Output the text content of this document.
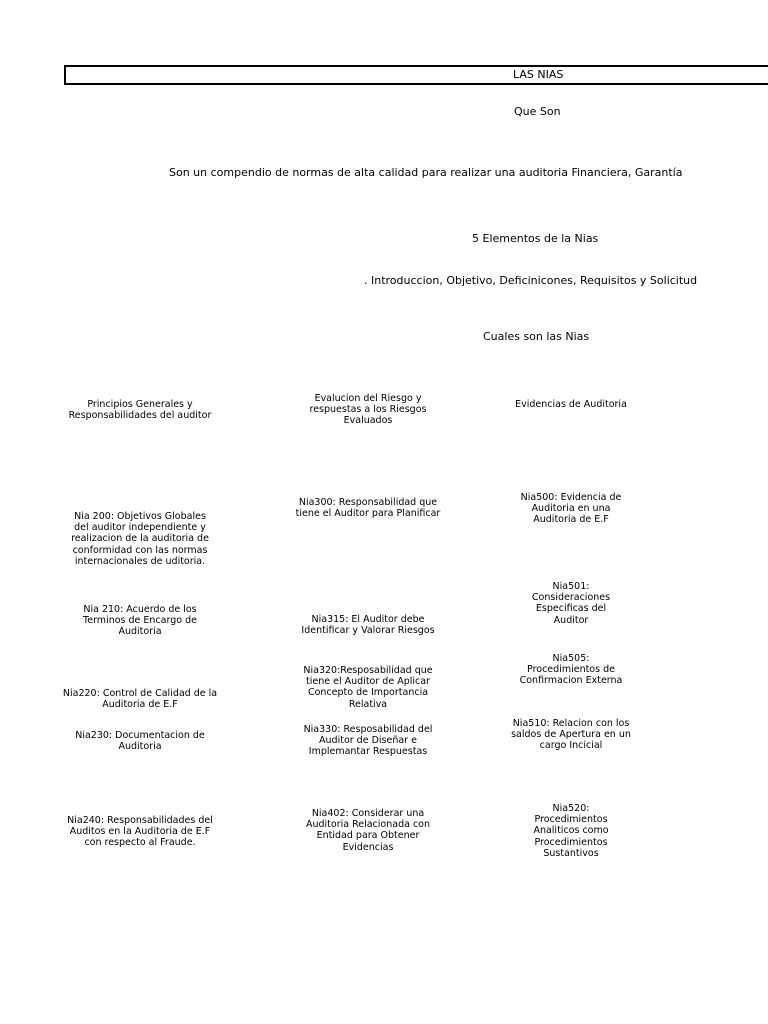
LAS NIAS
Que Son
Son un compendio de normas de alta calidad para realizar una auditoria Financiera, Garantía
5 Elementos de la Nias
. Introduccion, Objetivo, Deficinicones, Requisitos y Solicitud
Cuales son las Nias
Principios Generales y Responsabilidades del auditor
Nia 200: Objetivos Globales del auditor independiente y realizacion de la auditoria de conformidad con las normas internacionales de uditoria.
Nia 210: Acuerdo de los Terminos de Encargo de Auditoria
Nia220: Control de Calidad de la Auditoria de E.F
Nia230: Documentacion de Auditoria
Nia240: Responsabilidades del Auditos en la Auditoria de E.F con respecto al Fraude.
Evalucion del Riesgo y respuestas a los Riesgos Evaluados
Nia300: Responsabilidad que tiene el Auditor para Planificar
Nia315: El Auditor debe Identificar y Valorar Riesgos
Nia320:Resposabilidad que tiene el Auditor de Aplicar Concepto de Importancia Relativa
Nia330: Resposabilidad del Auditor de Diseñar e Implemantar Respuestas
Nia402: Considerar una Auditoria Relacionada con Entidad para Obtener Evidencias
Evidencias de Auditoria
Nia500: Evidencia de Auditoria en una Auditoria de E.F
Nia501: Consideraciones Especificas del Auditor
Nia505: Procedimientos de Confirmacion Externa
Nia510: Relacion con los saldos de Apertura en un cargo Incicial
Nia520: Procedimientos Analiticos como Procedimientos Sustantivos
